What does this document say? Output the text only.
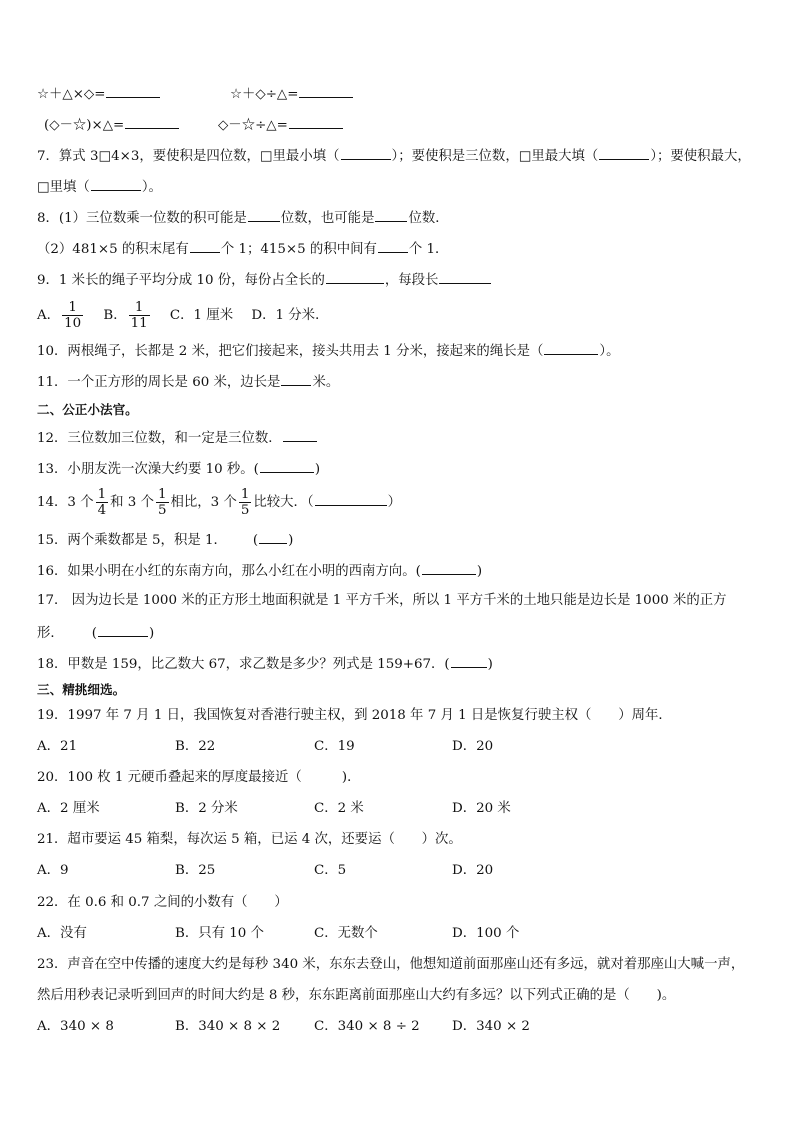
☆＋△×◇=	☆＋◇÷△=
(◇－☆)×△=	◇－☆÷△=
7．算式 3□4×3，要使积是四位数，□里最小填（	）；要使积是三位数，□里最大填（	）；要使积最大，
□里填（	）。
8．(1）三位数乘一位数的积可能是	位数，也可能是	位数．
（2）481×5 的积末尾有 个 1；415×5 的积中间有 个 1．
9．1 米长的绳子平均分成 10 份，每份占全长的	，每段长
A． $\frac{1}{10}$ B． $\frac{1}{11}$ C．1 厘米 D．1 分米．
10．两根绳子，长都是 2 米，把它们接起来，接头共用去 1 分米，接起来的绳长是（	）。
11．一个正方形的周长是 60 米，边长是 米。
二、公正小法官。
12．三位数加三位数，和一定是三位数．
13．小朋友洗一次澡大约要 10 秒。(	)
14．3 个 $\frac{1}{4}$ 和 3 个 $\frac{1}{5}$ 相比，3 个 $\frac{1}{5}$ 比较大．（	）
15．两个乘数都是 5，积是 1． ( )
16．如果小明在小红的东南方向，那么小红在小明的西南方向。(	)
17． 因为边长是 1000 米的正方形土地面积就是 1 平方千米，所以 1 平方千米的土地只能是边长是 1000 米的正方
形． (	)
18．甲数是 159，比乙数大 67，求乙数是多少？列式是 159+67．(	)
三、精挑细选。
19．1997 年 7 月 1 日，我国恢复对香港行驶主权，到 2018 年 7 月 1 日是恢复行驶主权（　　）周年．
A．21	B．22	C．19	D．20
20．100 枚 1 元硬币叠起来的厚度最接近（　　　)．
A．2 厘米	B．2 分米	C．2 米	D．20 米
21．超市要运 45 箱梨，每次运 5 箱，已运 4 次，还要运（　　）次。
A．9	B．25	C．5	D．20
22．在 0.6 和 0.7 之间的小数有（　　）
A．没有	B．只有 10 个	C．无数个	D．100 个
23．声音在空中传播的速度大约是每秒 340 米，东东去登山，他想知道前面那座山还有多远，就对着那座山大喊一声，
然后用秒表记录听到回声的时间大约是 8 秒，东东距离前面那座山大约有多远？以下列式正确的是（　　)。
A．340 × 8	B．340 × 8 × 2	C．340 × 8 ÷ 2 D．340 × 2
